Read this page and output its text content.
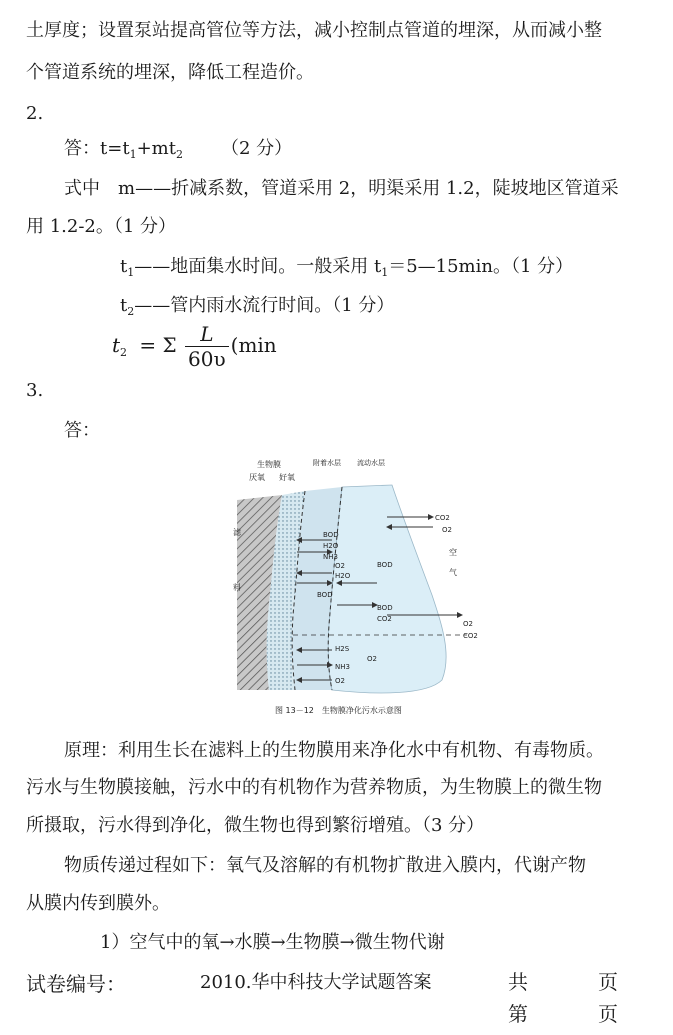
土厚度；设置泵站提高管位等方法，减小控制点管道的埋深，从而减小整
个管道系统的埋深，降低工程造价。
2.
答：$t=t_1+mt_2$ （2 分）
式中　m——折减系数，管道采用 2，明渠采用 1.2，陡坡地区管道采
用 1.2-2。（1 分）
$t_1——$地面集水时间。一般采用 $t_1=5—15\min$。（1 分）
$t_2——$管内雨水流行时间。（1 分）
$t_2 = \Sigma \frac{L}{60\upsilon} (\min$
3.
答：
生物膜
厌氧 好氧
附着水层 流动水层
滤
料
空
气
CO2
O2
BOD
H2O
NH3
O2
H2O
BOD
BOD
BOD
CO2
O2
CO2
H2S
O2
NH3
O2
图 13－12　生物膜净化污水示意图
原理：利用生长在滤料上的生物膜用来净化水中有机物、有毒物质。
污水与生物膜接触，污水中的有机物作为营养物质，为生物膜上的微生物
所摄取，污水得到净化，微生物也得到繁衍增殖。（3 分）
物质传递过程如下：氧气及溶解的有机物扩散进入膜内，代谢产物
从膜内传到膜外。
1）空气中的氧→水膜→生物膜→微生物代谢
试卷编号：	2010.华中科技大学试题答案	共	页
第	页
